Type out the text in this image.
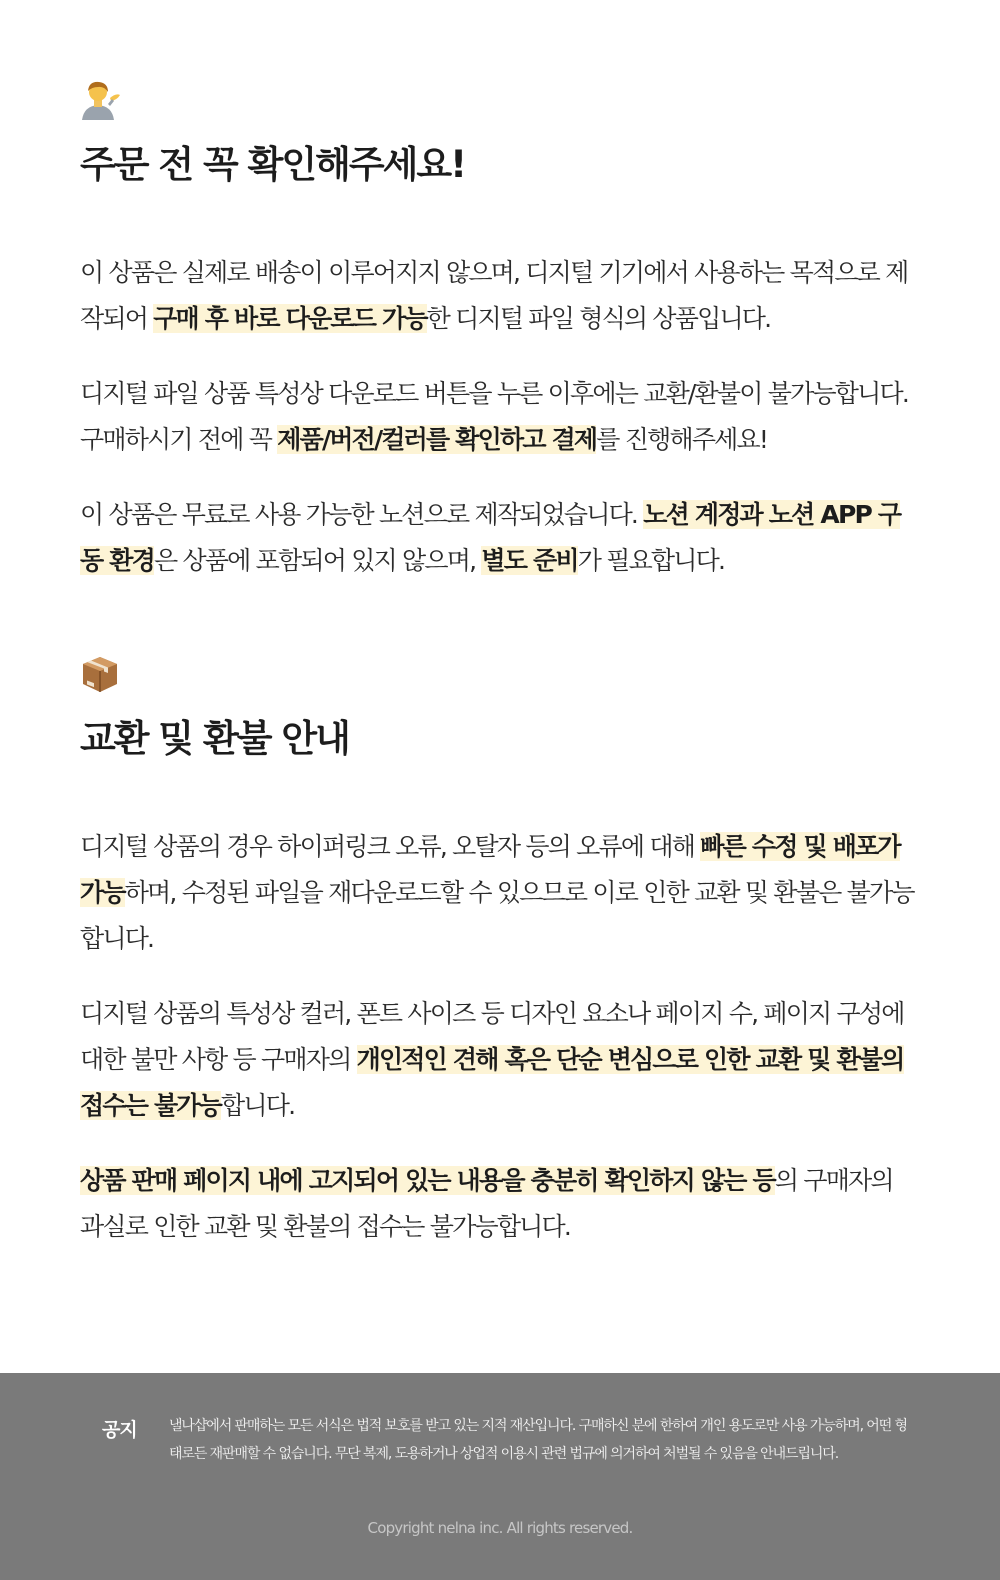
주문 전 꼭 확인해주세요!

이 상품은 실제로 배송이 이루어지지 않으며, 디지털 기기에서 사용하는 목적으로 제작되어 구매 후 바로 다운로드 가능한 디지털 파일 형식의 상품입니다.

디지털 파일 상품 특성상 다운로드 버튼을 누른 이후에는 교환/환불이 불가능합니다. 구매하시기 전에 꼭 제품/버전/컬러를 확인하고 결제를 진행해주세요!

이 상품은 무료로 사용 가능한 노션으로 제작되었습니다. 노션 계정과 노션 APP 구동 환경은 상품에 포함되어 있지 않으며, 별도 준비가 필요합니다.

교환 및 환불 안내

디지털 상품의 경우 하이퍼링크 오류, 오탈자 등의 오류에 대해 빠른 수정 및 배포가 가능하며, 수정된 파일을 재다운로드할 수 있으므로 이로 인한 교환 및 환불은 불가능합니다.

디지털 상품의 특성상 컬러, 폰트 사이즈 등 디자인 요소나 페이지 수, 페이지 구성에 대한 불만 사항 등 구매자의 개인적인 견해 혹은 단순 변심으로 인한 교환 및 환불의 접수는 불가능합니다.

상품 판매 페이지 내에 고지되어 있는 내용을 충분히 확인하지 않는 등의 구매자의 과실로 인한 교환 및 환불의 접수는 불가능합니다.

공지 낼나샵에서 판매하는 모든 서식은 법적 보호를 받고 있는 지적 재산입니다. 구매하신 분에 한하여 개인 용도로만 사용 가능하며, 어떤 형태로든 재판매할 수 없습니다. 무단 복제, 도용하거나 상업적 이용시 관련 법규에 의거하여 처벌될 수 있음을 안내드립니다.

Copyright nelna inc. All rights reserved.
